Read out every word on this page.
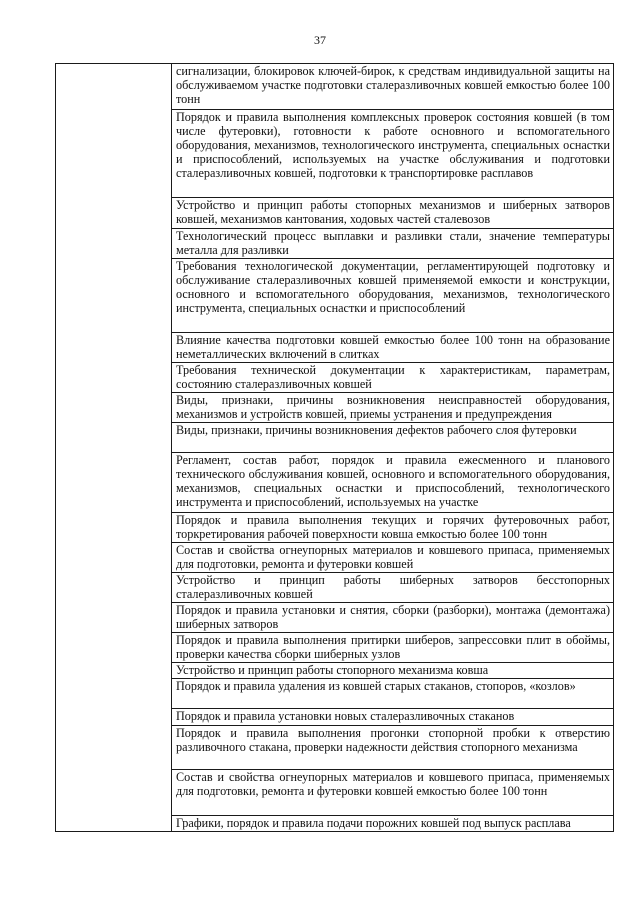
37
	сигнализации, блокировок ключей-бирок, к средствам индивидуальной защиты на обслуживаемом участке подготовки сталеразливочных ковшей емкостью более 100 тонн
Порядок и правила выполнения комплексных проверок состояния ковшей (в том числе футеровки), готовности к работе основного и вспомогательного оборудования, механизмов, технологического инструмента, специальных оснастки и приспособлений, используемых на участке обслуживания и подготовки сталеразливочных ковшей, подготовки к транспортировке расплавов
Устройство и принцип работы стопорных механизмов и шиберных затворов ковшей, механизмов кантования, ходовых частей сталевозов
Технологический процесс выплавки и разливки стали, значение температуры металла для разливки
Требования технологической документации, регламентирующей подготовку и обслуживание сталеразливочных ковшей применяемой емкости и конструкции, основного и вспомогательного оборудования, механизмов, технологического инструмента, специальных оснастки и приспособлений
Влияние качества подготовки ковшей емкостью более 100 тонн на образование неметаллических включений в слитках
Требования технической документации к характеристикам, параметрам, состоянию сталеразливочных ковшей
Виды, признаки, причины возникновения неисправностей оборудования, механизмов и устройств ковшей, приемы устранения и предупреждения
Виды, признаки, причины возникновения дефектов рабочего слоя футеровки
Регламент, состав работ, порядок и правила ежесменного и планового технического обслуживания ковшей, основного и вспомогательного оборудования, механизмов, специальных оснастки и приспособлений, технологического инструмента и приспособлений, используемых на участке
Порядок и правила выполнения текущих и горячих футеровочных работ, торкретирования рабочей поверхности ковша емкостью более 100 тонн
Состав и свойства огнеупорных материалов и ковшевого припаса, применяемых для подготовки, ремонта и футеровки ковшей
Устройство и принцип работы шиберных затворов бесстопорных сталеразливочных ковшей
Порядок и правила установки и снятия, сборки (разборки), монтажа (демонтажа) шиберных затворов
Порядок и правила выполнения притирки шиберов, запрессовки плит в обоймы, проверки качества сборки шиберных узлов
Устройство и принцип работы стопорного механизма ковша
Порядок и правила удаления из ковшей старых стаканов, стопоров, «козлов»
Порядок и правила установки новых сталеразливочных стаканов
Порядок и правила выполнения прогонки стопорной пробки к отверстию разливочного стакана, проверки надежности действия стопорного механизма
Состав и свойства огнеупорных материалов и ковшевого припаса, применяемых для подготовки, ремонта и футеровки ковшей емкостью более 100 тонн
Графики, порядок и правила подачи порожних ковшей под выпуск расплава
